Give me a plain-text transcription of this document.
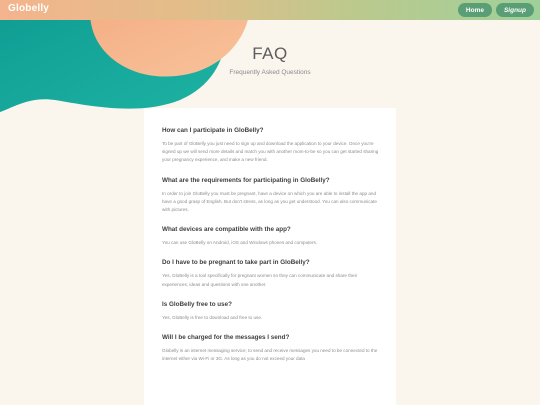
Globelly	Home	Signup
FAQ
Frequently Asked Questions
How can I participate in GloBelly?
To be part of GloBelly you just need to sign up and download the application to your device. Once you're signed up we will send more details and match you with another mom-to-be so you can get started sharing your pregnancy experience, and make a new friend.
What are the requirements for participating in GloBelly?
In order to join GloBelly you must be pregnant, have a device on which you are able to install the app and have a good grasp of English. But don't stress, as long as you get understood. You can also communicate with pictures.
What devices are compatible with the app?
You can use GloBelly on Android, iOS and Windows phones and computers.
Do I have to be pregnant to take part in GloBelly?
Yes, GloBelly is a tool specifically for pregnant women so they can communicate and share their experiences, ideas and questions with one another.
Is GloBelly free to use?
Yes, GloBelly is free to download and free to use.
Will I be charged for the messages I send?
Globelly is an internet messaging service; to send and receive messages you need to be connected to the internet either via Wi-Fi or 3G. As long as you do not exceed your data
